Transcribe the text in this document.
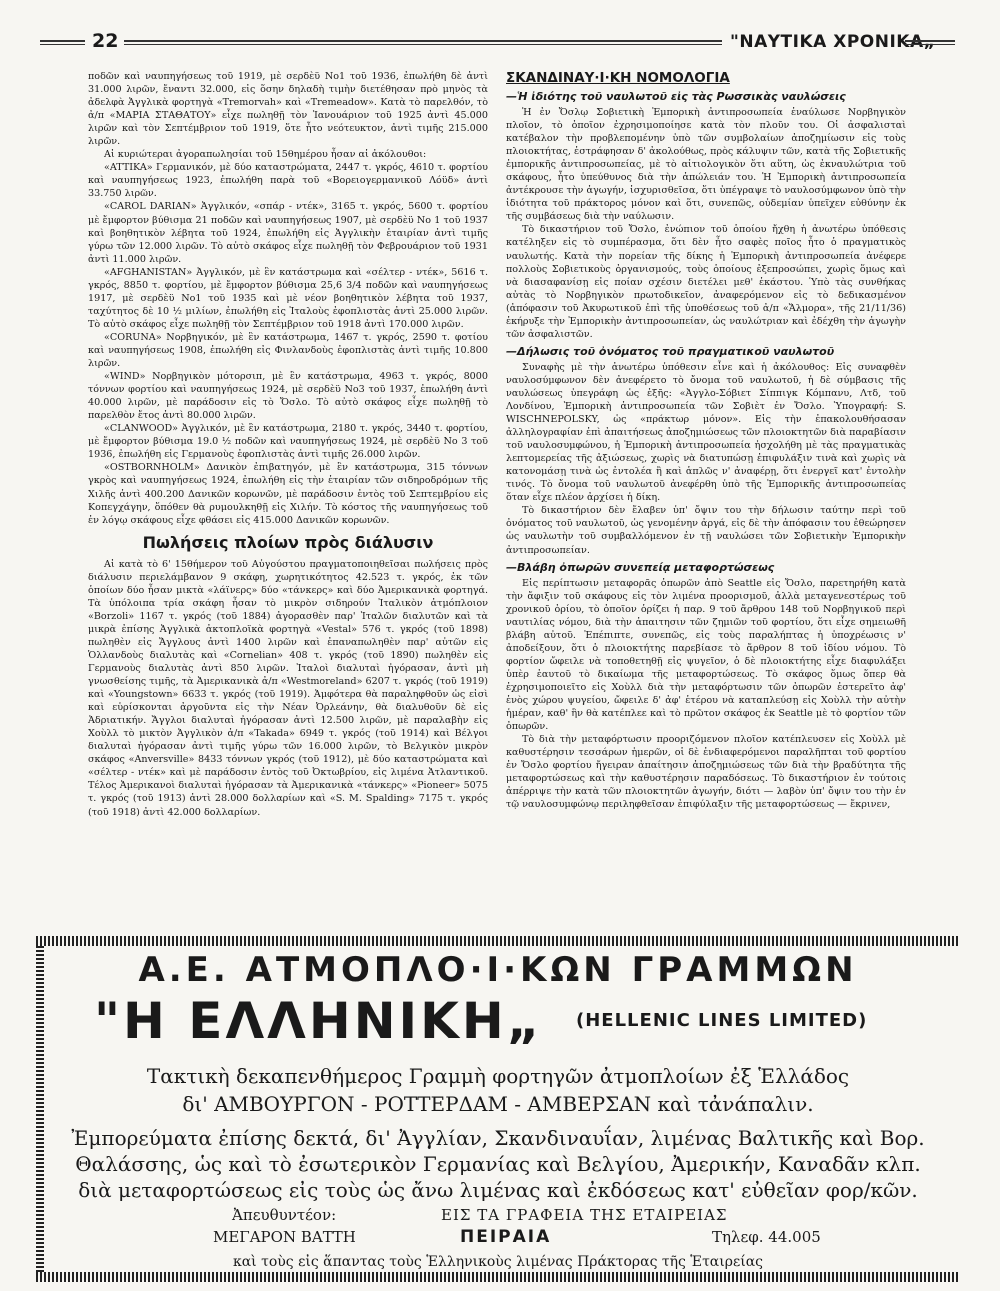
22	"ΝΑΥΤΙΚΑ ΧΡΟΝΙΚΑ„

ποδῶν καὶ ναυπηγήσεως τοῦ 1919, μὲ σερδὲϋ Nο1 τοῦ 1936, ἐπωλήθη δὲ ἀντὶ 31.000 λιρῶν, ἔναντι 32.000, εἰς ὅσην δηλαδὴ τιμὴν διετέθησαν πρὸ μηνὸς τὰ ἀδελφὰ Ἀγγλικὰ φορτηγὰ «Tremorvah» καὶ «Tremeadow». Κατὰ τὸ παρελθόν, τὸ ἀ/π «ΜΑΡΙΑ ΣΤΑΘΑΤΟΥ» εἶχε πωληθῇ τὸν Ἰανουάριον τοῦ 1925 ἀντὶ 45.000 λιρῶν καὶ τὸν Σεπτέμβριον τοῦ 1919, ὅτε ἦτο νεότευκτον, ἀντὶ τιμῆς 215.000 λιρῶν.

Αἱ κυριώτεραι ἀγοραπωλησίαι τοῦ 15θημέρου ἦσαν αἱ ἀκόλουθοι:

«ATTIKA» Γερμανικόν, μὲ δύο καταστρώματα, 2447 τ. γκρός, 4610 τ. φορτίου καὶ ναυπηγήσεως 1923, ἐπωλήθη παρὰ τοῦ «Βορειογερμανικοῦ Λόϋδ» ἀντὶ 33.750 λιρῶν.

«CAROL DARIAN» Ἀγγλικόν, «σπάρ - ντέκ», 3165 τ. γκρός, 5600 τ. φορτίου μὲ ἔμφορτον βύθισμα 21 ποδῶν καὶ ναυπηγήσεως 1907, μὲ σερδὲϋ No 1 τοῦ 1937 καὶ βοηθητικὸν λέβητα τοῦ 1924, ἐπωλήθη εἰς Ἀγγλικὴν ἑταιρίαν ἀντὶ τιμῆς γύρω τῶν 12.000 λιρῶν. Τὸ αὐτὸ σκάφος εἶχε πωληθῇ τὸν Φεβρουάριον τοῦ 1931 ἀντὶ 11.000 λιρῶν.

«AFGHANISTAN» Ἀγγλικόν, μὲ ἓν κατάστρωμα καὶ «σέλτερ - ντέκ», 5616 τ. γκρός, 8850 τ. φορτίου, μὲ ἔμφορτον βύθισμα 25,6 3/4 ποδῶν καὶ ναυπηγήσεως 1917, μὲ σερδὲϋ Nο1 τοῦ 1935 καὶ μὲ νέον βοηθητικὸν λέβητα τοῦ 1937, ταχύτητος δὲ 10 ½ μιλίων, ἐπωλήθη εἰς Ἰταλοὺς ἐφοπλιστὰς ἀντὶ 25.000 λιρῶν. Τὸ αὐτὸ σκάφος εἶχε πωληθῇ τὸν Σεπτέμβριον τοῦ 1918 ἀντὶ 170.000 λιρῶν.

«CORUNA» Νορβηγικόν, μὲ ἓν κατάστρωμα, 1467 τ. γκρός, 2590 τ. φοτίου καὶ ναυπηγήσεως 1908, ἐπωλήθη εἰς Φινλανδοὺς ἐφοπλιστὰς ἀντὶ τιμῆς 10.800 λιρῶν.

«WIND» Νορβηγικὸν μότορσιπ, μὲ ἓν κατάστρωμα, 4963 τ. γκρός, 8000 τόννων φορτίου καὶ ναυπηγήσεως 1924, μὲ σερδὲϋ No3 τοῦ 1937, ἐπωλήθη ἀντὶ 40.000 λιρῶν, μὲ παράδοσιν εἰς τὸ Ὄσλο. Τὸ αὐτὸ σκάφος εἶχε πωληθῇ τὸ παρελθὸν ἔτος ἀντὶ 80.000 λιρῶν.

«CLANWOOD» Ἀγγλικόν, μὲ ἓν κατάστρωμα, 2180 τ. γκρός, 3440 τ. φορτίου, μὲ ἔμφορτον βύθισμα 19.0 ½ ποδῶν καὶ ναυπηγήσεως 1924, μὲ σερδὲϋ Nο 3 τοῦ 1936, ἐπωλήθη εἰς Γερμανοὺς ἐφοπλιστὰς ἀντὶ τιμῆς 26.000 λιρῶν.

«OSTBORNHOLM» Δανικὸν ἐπιβατηγόν, μὲ ἓν κατάστρωμα, 315 τόννων γκρὸς καὶ ναυπηγήσεως 1924, ἐπωλήθη εἰς τὴν ἑταιρίαν τῶν σιδηροδρόμων τῆς Χιλῆς ἀντὶ 400.200 Δανικῶν κορωνῶν, μὲ παράδοσιν ἐντὸς τοῦ Σεπτεμβρίου εἰς Κοπεγχάγην, ὅπόθεν θὰ ρυμουλκηθῇ εἰς Χιλήν. Τὸ κόστος τῆς ναυπηγήσεως τοῦ ἐν λόγῳ σκάφους εἶχε φθάσει εἰς 415.000 Δανικῶν κορωνῶν.

Πωλήσεις πλοίων πρὸς διάλυσιν

Αἱ κατὰ τὸ 6' 15θήμερον τοῦ Αὐγούστου πραγματοποιηθεῖσαι πωλήσεις πρὸς διάλυσιν περιελάμβανον 9 σκάφη, χωρητικότητος 42.523 τ. γκρός, ἐκ τῶν ὁποίων δύο ἦσαν μικτὰ «λάϊνερς» δύο «τάνκερς» καὶ δύο Ἀμερικανικὰ φορτηγά. Τὰ ὑπόλοιπα τρία σκάφη ἦσαν τὸ μικρὸν σιδηρούν Ἰταλικὸν ἀτμόπλοιον «Borzoli» 1167 τ. γκρός (τοῦ 1884) ἀγορασθὲν παρ' Ἰταλῶν διαλυτῶν καὶ τὰ μικρὰ ἐπίσης Ἀγγλικὰ ἀκτοπλοϊκὰ φορτηγὰ «Vestal» 576 τ. γκρός (τοῦ 1898) πωληθὲν εἰς Ἄγγλους ἀντὶ 1400 λιρῶν καὶ ἐπαναπωληθὲν παρ' αὐτῶν εἰς Ὁλλανδοὺς διαλυτὰς καὶ «Cornelian» 408 τ. γκρός (τοῦ 1890) πωληθὲν εἰς Γερμανοὺς διαλυτὰς ἀντὶ 850 λιρῶν. Ἰταλοὶ διαλυταὶ ἠγόρασαν, ἀντὶ μὴ γνωσθείσης τιμῆς, τὰ Ἀμερικανικὰ ἀ/π «Westmoreland» 6207 τ. γκρός (τοῦ 1919) καὶ «Youngstown» 6633 τ. γκρός (τοῦ 1919). Ἀμφότερα θὰ παραληφθοῦν ὡς εἰσὶ καὶ εὑρίσκονται ἀργοῦντα εἰς τὴν Νέαν Ὀρλεάνην, θὰ διαλυθοῦν δὲ εἰς Ἀδριατικήν. Ἄγγλοι διαλυταὶ ἠγόρασαν ἀντὶ 12.500 λιρῶν, μὲ παραλαβὴν εἰς Χοὺλλ τὸ μικτὸν Ἀγγλικὸν ἀ/π «Takada» 6949 τ. γκρός (τοῦ 1914) καὶ Βέλγοι διαλυταὶ ἠγόρασαν ἀντὶ τιμῆς γύρω τῶν 16.000 λιρῶν, τὸ Βελγικὸν μικρὸν σκάφος «Anversville» 8433 τόννων γκρός (τοῦ 1912), μὲ δύο καταστρώματα καὶ «σέλτερ - ντέκ» καὶ μὲ παράδοσιν ἐντὸς τοῦ Ὀκτωβρίου, εἰς λιμένα Ἀτλαντικοῦ. Τέλος Ἀμερικανοὶ διαλυταὶ ἠγόρασαν τὰ Ἀμερικανικὰ «τάνκερς» «Pioneer» 5075 τ. γκρός (τοῦ 1913) ἀντὶ 28.000 δολλαρίων καὶ «S. M. Spalding» 7175 τ. γκρός (τοῦ 1918) ἀντὶ 42.000 δολλαρίων.

ΣΚΑΝΔΙΝΑΥ·Ι·ΚΗ ΝΟΜΟΛΟΓΙΑ
—Ἡ ἰδιότης τοῦ ναυλωτοῦ εἰς τὰς Ρωσσικὰς ναυλώσεις

Ἡ ἐν Ὄσλῳ Σοβιετικὴ Ἐμπορικὴ ἀντιπροσωπεία ἐναύλωσε Νορβηγικὸν πλοῖον, τὸ ὁποῖον ἐχρησιμοποίησε κατὰ τὸν πλοῦν του. Οἱ ἀσφαλισταὶ κατέβαλον τὴν προβλεπομένην ὑπὸ τῶν συμβολαίων ἀποζημίωσιν εἰς τοὺς πλοιοκτήτας, ἐστράφησαν δ' ἀκολούθως, πρὸς κάλυψιν τῶν, κατὰ τῆς Σοβιετικῆς ἐμπορικῆς ἀντιπροσωπείας, μὲ τὸ αἰτιολογικὸν ὅτι αὕτη, ὡς ἐκναυλώτρια τοῦ σκάφους, ἦτο ὑπεύθυνος διὰ τὴν ἀπώλειάν του. Ἡ Ἐμπορικὴ ἀντιπροσωπεία ἀντέκρουσε τὴν ἀγωγήν, ἰσχυρισθεῖσα, ὅτι ὑπέγραψε τὸ ναυλοσύμφωνον ὑπὸ τὴν ἰδιότητα τοῦ πράκτορος μόνον καὶ ὅτι, συνεπῶς, οὐδεμίαν ὑπεῖχεν εὐθύνην ἐκ τῆς συμβάσεως διὰ τὴν ναύλωσιν.

Τὸ δικαστήριον τοῦ Ὄσλο, ἐνώπιον τοῦ ὁποίου ἤχθη ἡ ἀνωτέρω ὑπόθεσις κατέληξεν εἰς τὸ συμπέρασμα, ὅτι δὲν ἦτο σαφὲς ποῖος ἦτο ὁ πραγματικὸς ναυλωτής. Κατὰ τὴν πορείαν τῆς δίκης ἡ Ἐμπορικὴ ἀντιπροσωπεία ἀνέφερε πολλοὺς Σοβιετικοὺς ὀργανισμούς, τοὺς ὁποίους ἐξεπροσώπει, χωρὶς ὅμως καὶ νὰ διασαφανίσῃ εἰς ποίαν σχέσιν διετέλει μεθ' ἑκάστου. Ὑπὸ τὰς συνθήκας αὐτὰς τὸ Νορβηγικὸν πρωτοδικεῖον, ἀναφερόμενον εἰς τὸ δεδικασμένον (ἀπόφασιν τοῦ Ἀκυρωτικοῦ ἐπὶ τῆς ὑποθέσεως τοῦ ἀ/π «Ἄλμορα», τῆς 21/11/36) ἐκήρυξε τὴν Ἐμπορικὴν ἀντιπροσωπείαν, ὡς ναυλώτριαν καὶ ἐδέχθη τὴν ἀγωγὴν τῶν ἀσφαλιστῶν.

—Δήλωσις τοῦ ὀνόματος τοῦ πραγματικοῦ ναυλωτοῦ

Συναφὴς μὲ τὴν ἀνωτέρω ὑπόθεσιν εἶνε καὶ ἡ ἀκόλουθος: Εἰς συναφθὲν ναυλοσύμφωνον δὲν ἀνεφέρετο τὸ ὄνομα τοῦ ναυλωτοῦ, ἡ δὲ σύμβασις τῆς ναυλώσεως ὑπεγράφη ὡς ἑξῆς: «Ἀγγλο-Σόβιετ Σίππιγκ Κόμπανυ, Λτδ, τοῦ Λονδίνου, Ἐμπορικὴ ἀντιπροσωπεία τῶν Σοβιὲτ ἐν Ὄσλο. Ὑπογραφή: S. WISCHNEPOLSKY, ὡς «πράκτωρ μόνον». Εἰς τὴν ἐπακολουθήσασαν ἀλληλογραφίαν ἐπὶ ἀπαιτήσεως ἀποζημιώσεως τῶν πλοιοκτητῶν διὰ παραβίασιν τοῦ ναυλοσυμφώνου, ἡ Ἐμπορικὴ ἀντιπροσωπεία ἠσχολήθη μὲ τὰς πραγματικὰς λεπτομερείας τῆς ἀξιώσεως, χωρὶς νὰ διατυπώσῃ ἐπιφυλάξιν τινὰ καὶ χωρὶς νὰ κατονομάσῃ τινὰ ὡς ἐντολέα ἢ καὶ ἁπλῶς ν' ἀναφέρῃ, ὅτι ἐνεργεῖ κατ' ἐντολὴν τινός. Τὸ ὄνομα τοῦ ναυλωτοῦ ἀνεφέρθη ὑπὸ τῆς Ἐμπορικῆς ἀντιπροσωπείας ὅταν εἶχε πλέον ἀρχίσει ἡ δίκη.

Τὸ δικαστήριον δὲν ἔλαβεν ὑπ' ὄψιν του τὴν δήλωσιν ταύτην περὶ τοῦ ὀνόματος τοῦ ναυλωτοῦ, ὡς γενομένην ἀργά, εἰς δὲ τὴν ἀπόφασιν του ἐθεώρησεν ὡς ναυλωτὴν τοῦ συμβαλλόμενον ἐν τῇ ναυλώσει τῶν Σοβιετικὴν Ἐμπορικὴν ἀντιπροσωπείαν.

—Βλάβη ὀπωρῶν συνεπείᾳ μεταφορτώσεως

Εἰς περίπτωσιν μεταφορᾶς ὀπωρῶν ἀπὸ Seattle εἰς Ὄσλο, παρετηρήθη κατὰ τὴν ἄφιξιν τοῦ σκάφους εἰς τὸν λιμένα προορισμοῦ, ἀλλὰ μεταγενεστέρως τοῦ χρονικοῦ ὁρίου, τὸ ὁποῖον ὁρίζει ἡ παρ. 9 τοῦ ἄρθρου 148 τοῦ Νορβηγικοῦ περὶ ναυτιλίας νόμου, διὰ τὴν ἀπαιτησιν τῶν ζημιῶν τοῦ φορτίου, ὅτι εἶχε σημειωθῆ βλάβη αὐτοῦ. Ἐπέπιπτε, συνεπῶς, εἰς τοὺς παραλήπτας ἡ ὑποχρέωσις ν' ἀποδείξουν, ὅτι ὁ πλοιοκτήτης παρεβίασε τὸ ἄρθρον 8 τοῦ ἰδίου νόμου. Τὸ φορτίον ὤφειλε νὰ τοποθετηθῇ εἰς ψυγεῖον, ὁ δὲ πλοιοκτήτης εἶχε διαφυλάξει ὑπὲρ ἑαυτοῦ τὸ δικαίωμα τῆς μεταφορτώσεως. Τὸ σκάφος ὅμως ὅπερ θὰ ἐχρησιμοποιεῖτο εἰς Χοὺλλ διὰ τὴν μεταφόρτωσιν τῶν ὀπωρῶν ἐστερεῖτο ἀφ' ἑνὸς χώρου ψυγείου, ὤφειλε δ' ἀφ' ἑτέρου νὰ καταπλεύσῃ εἰς Χοὺλλ τὴν αὐτὴν ἡμέραν, καθ' ἣν θὰ κατέπλεε καὶ τὸ πρῶτον σκάφος ἐκ Seattle μὲ τὸ φορτίον τῶν ὀπωρῶν.

Τὸ διὰ τὴν μεταφόρτωσιν προοριζόμενον πλοῖον κατέπλευσεν εἰς Χοὺλλ μὲ καθυστέρησιν τεσσάρων ἡμερῶν, οἱ δὲ ἐνδιαφερόμενοι παραλῆπται τοῦ φορτίου ἐν Ὄσλο φορτίου ἤγειραν ἀπαίτησιν ἀποζημιώσεως τῶν διὰ τὴν βραδύτητα τῆς μεταφορτώσεως καὶ τὴν καθυστέρησιν παραδόσεως. Τὸ δικαστήριον ἐν τούτοις ἀπέρριψε τὴν κατὰ τῶν πλοιοκτητῶν ἀγωγήν, διότι — λαβὸν ὑπ' ὄψιν του τὴν ἐν τῷ ναυλοσυμφώνῳ περιληφθεῖσαν ἐπιφύλαξιν τῆς μεταφορτώσεως — ἔκρινεν,

Α.Ε. ΑΤΜΟΠΛΟ·Ι·ΚΩΝ ΓΡΑΜΜΩΝ
"Η ΕΛΛΗΝΙΚΗ„ (HELLENIC LINES LIMITED)
Τακτικὴ δεκαπενθήμερος Γραμμὴ φορτηγῶν ἀτμοπλοίων ἐξ Ἑλλάδος
δι' ΑΜΒΟΥΡΓΟΝ - ΡΟΤΤΕΡΔΑΜ - ΑΜΒΕΡΣΑΝ καὶ τἀνάπαλιν.
Ἐμπορεύματα ἐπίσης δεκτά, δι' Ἀγγλίαν, Σκανδιναυΐαν, λιμένας Βαλτικῆς καὶ Βορ.
Θαλάσσης, ὡς καὶ τὸ ἐσωτερικὸν Γερμανίας καὶ Βελγίου, Ἀμερικήν, Καναδᾶν κλπ.
διὰ μεταφορτώσεως εἰς τοὺς ὡς ἄνω λιμένας καὶ ἐκδόσεως κατ' εὐθεῖαν φορ/κῶν.
Ἀπευθυντέον:	ΕΙΣ ΤΑ ΓΡΑΦΕΙΑ ΤΗΣ ΕΤΑΙΡΕΙΑΣ
ΜΕΓΑΡΟΝ ΒΑΤΤΗ	ΠΕΙΡΑΙΑ	Τηλεφ. 44.005
καὶ τοὺς εἰς ἅπαντας τοὺς Ἑλληνικοὺς λιμένας Πράκτορας τῆς Ἑταιρείας
